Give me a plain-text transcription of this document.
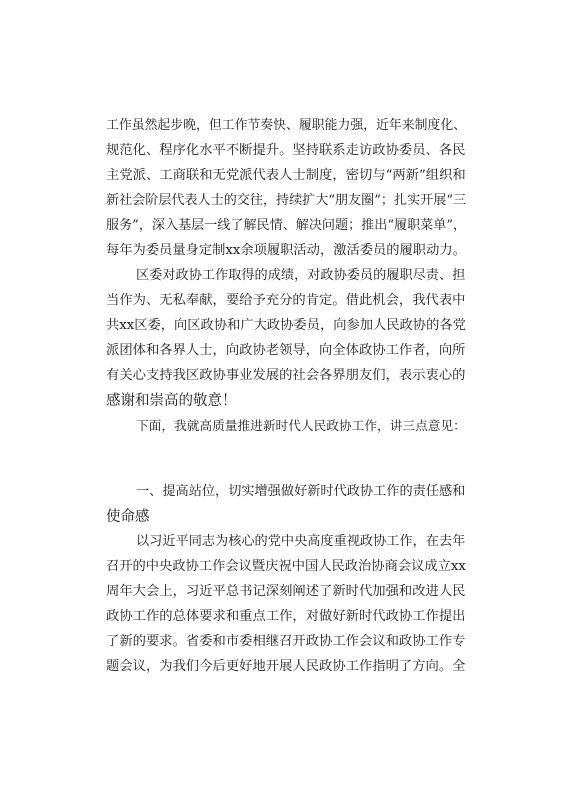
工作虽然起步晚，但工作节奏快、履职能力强，近年来制度化、
规范化、程序化水平不断提升。坚持联系走访政协委员、各民
主党派、工商联和无党派代表人士制度，密切与“两新”组织和
新社会阶层代表人士的交往，持续扩大“朋友圈”；扎实开展“三
服务”，深入基层一线了解民情、解决问题；推出“履职菜单”，
每年为委员量身定制xx余项履职活动，激活委员的履职动力。
区委对政协工作取得的成绩，对政协委员的履职尽责、担
当作为、无私奉献，要给予充分的肯定。借此机会，我代表中
共xx区委，向区政协和广大政协委员，向参加人民政协的各党
派团体和各界人士，向政协老领导，向全体政协工作者，向所
有关心支持我区政协事业发展的社会各界朋友们，表示衷心的
感谢和崇高的敬意！
下面，我就高质量推进新时代人民政协工作，讲三点意见：
一、提高站位，切实增强做好新时代政协工作的责任感和
使命感
以习近平同志为核心的党中央高度重视政协工作，在去年
召开的中央政协工作会议暨庆祝中国人民政治协商会议成立xx
周年大会上，习近平总书记深刻阐述了新时代加强和改进人民
政协工作的总体要求和重点工作，对做好新时代政协工作提出
了新的要求。省委和市委相继召开政协工作会议和政协工作专
题会议，为我们今后更好地开展人民政协工作指明了方向。全
